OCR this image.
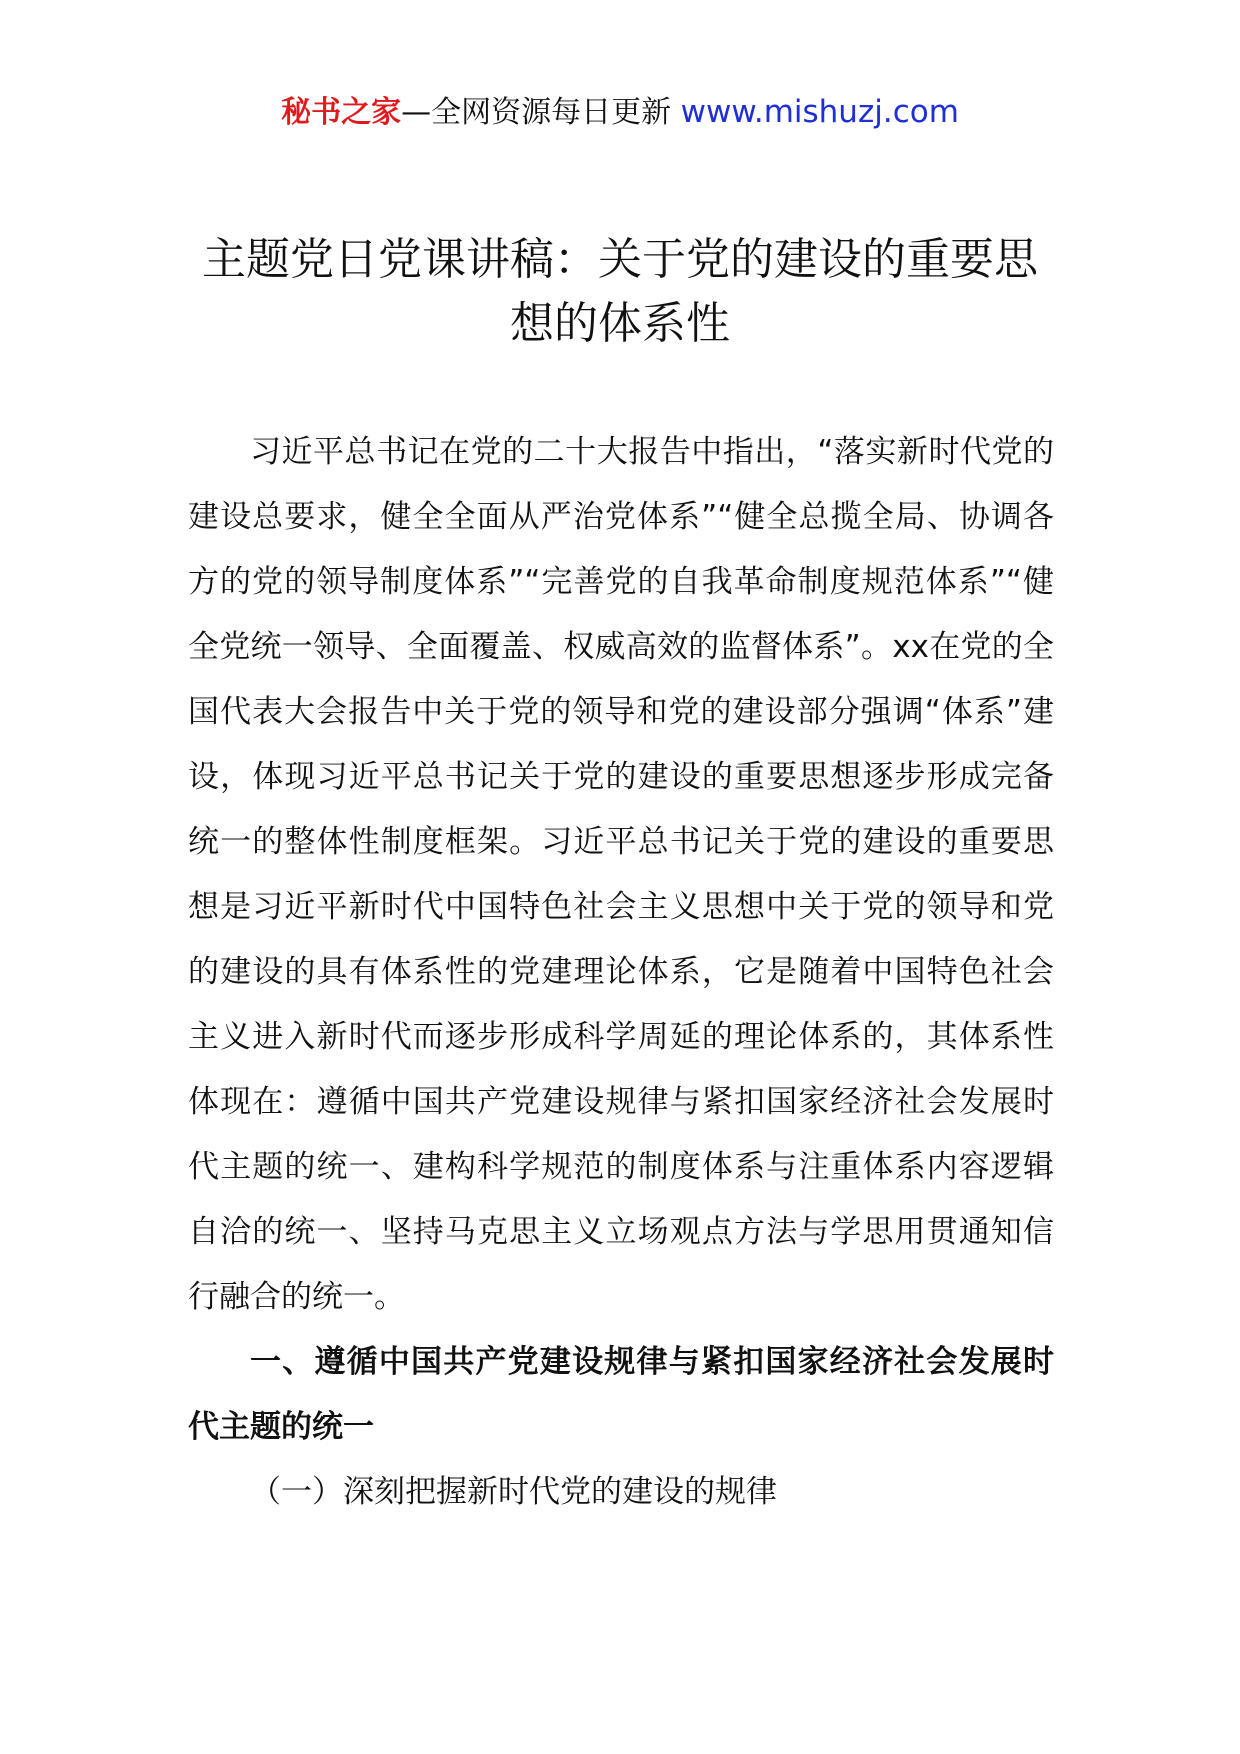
秘书之家—全网资源每日更新 www.mishuzj.com
主题党日党课讲稿：关于党的建设的重要思想的体系性

习近平总书记在党的二十大报告中指出，“落实新时代党的建设总要求，健全全面从严治党体系”“健全总揽全局、协调各方的党的领导制度体系”“完善党的自我革命制度规范体系”“健全党统一领导、全面覆盖、权威高效的监督体系”。xx在党的全国代表大会报告中关于党的领导和党的建设部分强调“体系”建设，体现习近平总书记关于党的建设的重要思想逐步形成完备统一的整体性制度框架。习近平总书记关于党的建设的重要思想是习近平新时代中国特色社会主义思想中关于党的领导和党的建设的具有体系性的党建理论体系，它是随着中国特色社会主义进入新时代而逐步形成科学周延的理论体系的，其体系性体现在：遵循中国共产党建设规律与紧扣国家经济社会发展时代主题的统一、建构科学规范的制度体系与注重体系内容逻辑自洽的统一、坚持马克思主义立场观点方法与学思用贯通知信行融合的统一。

一、遵循中国共产党建设规律与紧扣国家经济社会发展时代主题的统一

（一）深刻把握新时代党的建设的规律
